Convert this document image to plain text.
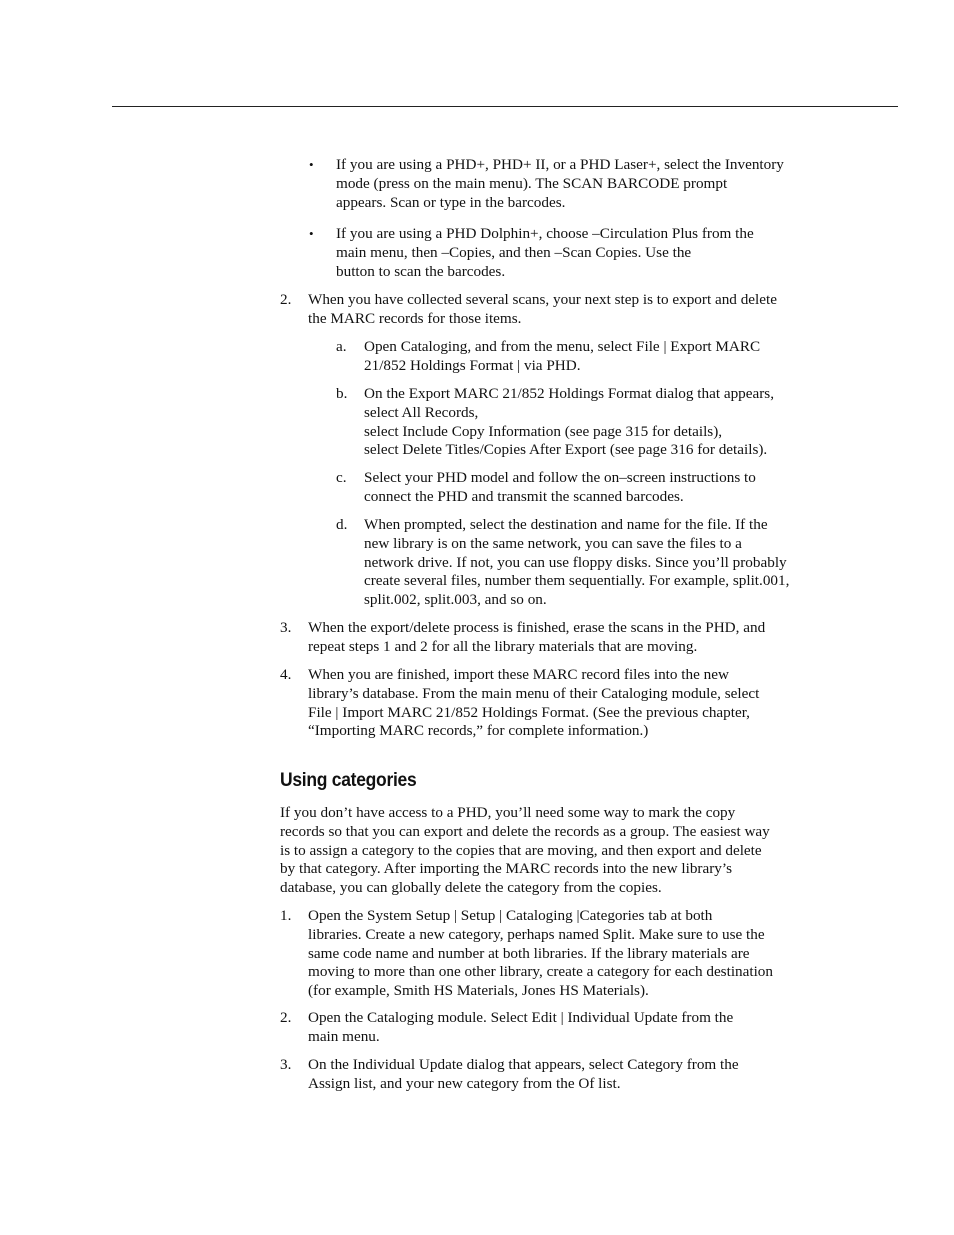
• If you are using a PHD+, PHD+ II, or a PHD Laser+, select the Inventory
mode (press on the main menu). The SCAN BARCODE prompt
appears. Scan or type in the barcodes.
• If you are using a PHD Dolphin+, choose –Circulation Plus from the
main menu, then –Copies, and then –Scan Copies. Use the
button to scan the barcodes.
2. When you have collected several scans, your next step is to export and delete
the MARC records for those items.
a. Open Cataloging, and from the menu, select File | Export MARC
21/852 Holdings Format | via PHD.
b. On the Export MARC 21/852 Holdings Format dialog that appears,
select All Records,
select Include Copy Information (see page 315 for details),
select Delete Titles/Copies After Export (see page 316 for details).
c. Select your PHD model and follow the on–screen instructions to
connect the PHD and transmit the scanned barcodes.
d. When prompted, select the destination and name for the file. If the
new library is on the same network, you can save the files to a
network drive. If not, you can use floppy disks. Since you’ll probably
create several files, number them sequentially. For example, split.001,
split.002, split.003, and so on.
3. When the export/delete process is finished, erase the scans in the PHD, and
repeat steps 1 and 2 for all the library materials that are moving.
4. When you are finished, import these MARC record files into the new
library’s database. From the main menu of their Cataloging module, select
File | Import MARC 21/852 Holdings Format. (See the previous chapter,
“Importing MARC records,” for complete information.)
Using categories
If you don’t have access to a PHD, you’ll need some way to mark the copy
records so that you can export and delete the records as a group. The easiest way
is to assign a category to the copies that are moving, and then export and delete
by that category. After importing the MARC records into the new library’s
database, you can globally delete the category from the copies.
1. Open the System Setup | Setup | Cataloging |Categories tab at both
libraries. Create a new category, perhaps named Split. Make sure to use the
same code name and number at both libraries. If the library materials are
moving to more than one other library, create a category for each destination
(for example, Smith HS Materials, Jones HS Materials).
2. Open the Cataloging module. Select Edit | Individual Update from the
main menu.
3. On the Individual Update dialog that appears, select Category from the
Assign list, and your new category from the Of list.
